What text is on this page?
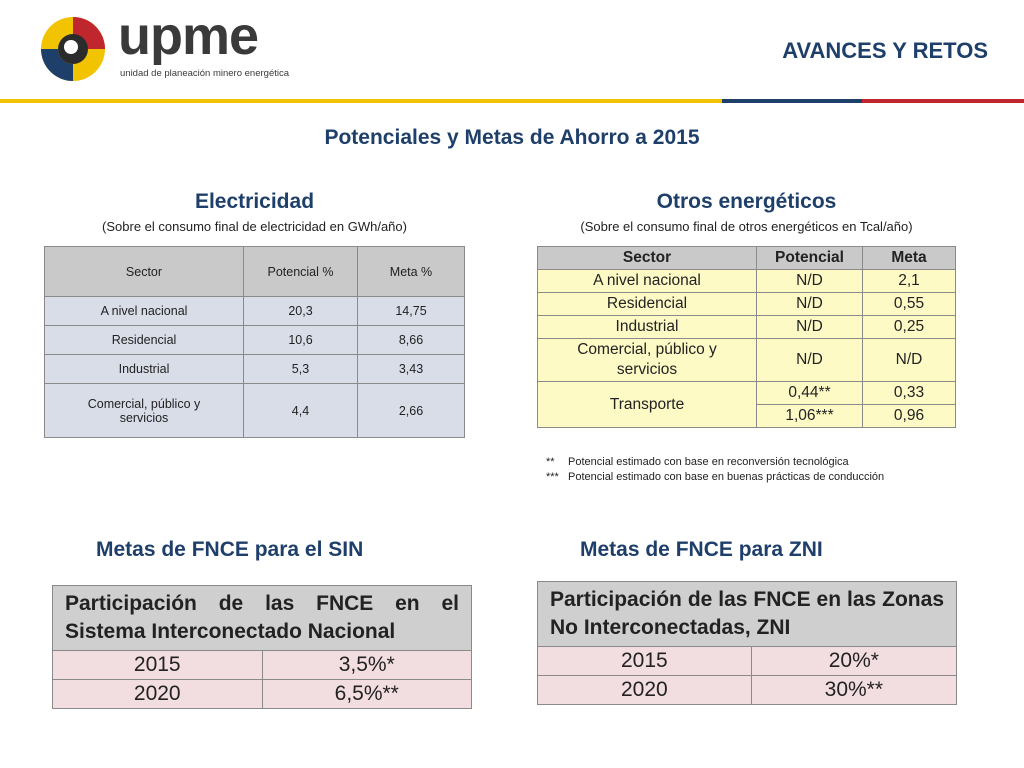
upme
unidad de planeación minero energética
AVANCES Y RETOS
Potenciales y Metas de Ahorro a 2015
Electricidad
(Sobre el consumo final de electricidad en GWh/año)
Sector	Potencial %	Meta %
A nivel nacional	20,3	14,75
Residencial	10,6	8,66
Industrial	5,3	3,43
Comercial, público y servicios	4,4	2,66
Otros energéticos
(Sobre el consumo final de otros energéticos en Tcal/año)
Sector	Potencial	Meta
A nivel nacional	N/D	2,1
Residencial	N/D	0,55
Industrial	N/D	0,25
Comercial, público y servicios	N/D	N/D
Transporte	0,44**	0,33
	1,06***	0,96
** Potencial estimado con base en reconversión tecnológica
*** Potencial estimado con base en buenas prácticas de conducción
Metas de FNCE para el SIN
Participación de las FNCE en el Sistema Interconectado Nacional	
2015	3,5%*
2020	6,5%**
Metas de FNCE para ZNI
Participación de las FNCE en las Zonas No Interconectadas, ZNI	
2015	20%*
2020	30%**
